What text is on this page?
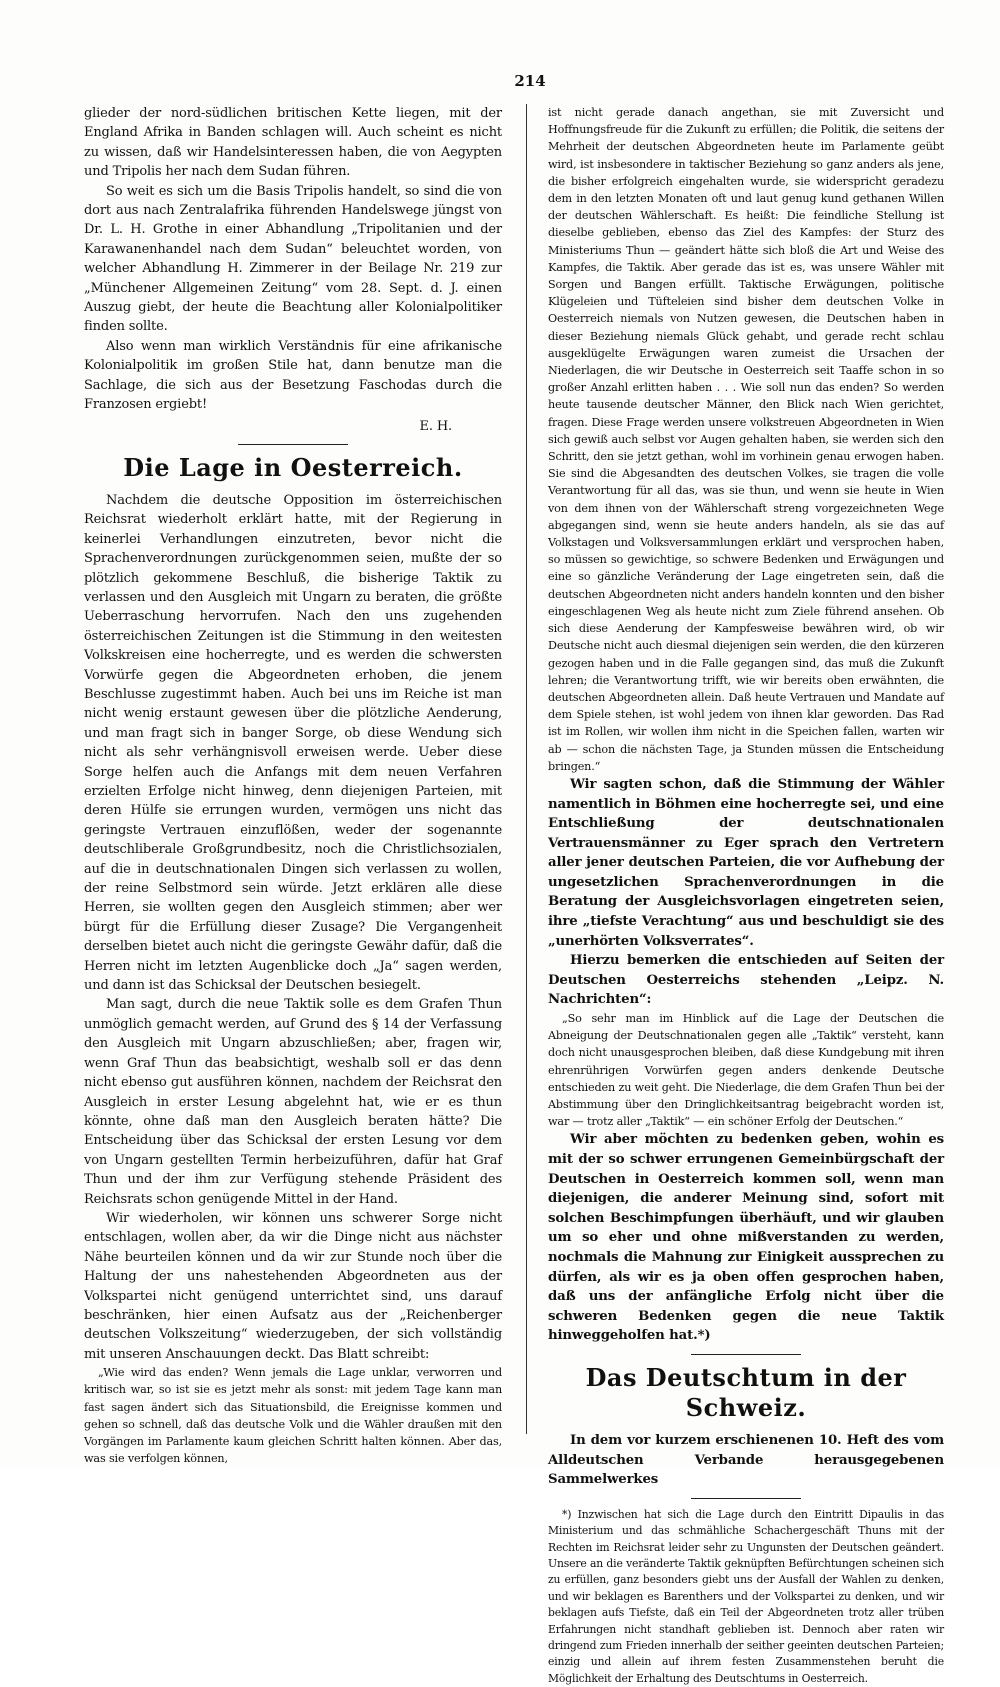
214

glieder der nord-südlichen britischen Kette liegen, mit der England Afrika in Banden schlagen will. Auch scheint es nicht zu wissen, daß wir Handelsinteressen haben, die von Aegypten und Tripolis her nach dem Sudan führen.

So weit es sich um die Basis Tripolis handelt, so sind die von dort aus nach Zentralafrika führenden Handelswege jüngst von Dr. L. H. Grothe in einer Abhandlung „Tripolitanien und der Karawanenhandel nach dem Sudan“ beleuchtet worden, von welcher Abhandlung H. Zimmerer in der Beilage Nr. 219 zur „Münchener Allgemeinen Zeitung“ vom 28. Sept. d. J. einen Auszug giebt, der heute die Beachtung aller Kolonialpolitiker finden sollte.

Also wenn man wirklich Verständnis für eine afrikanische Kolonialpolitik im großen Stile hat, dann benutze man die Sachlage, die sich aus der Besetzung Faschodas durch die Franzosen ergiebt!

E. H.
Die Lage in Oesterreich.

Nachdem die deutsche Opposition im österreichischen Reichsrat wiederholt erklärt hatte, mit der Regierung in keinerlei Verhandlungen einzutreten, bevor nicht die Sprachenverordnungen zurückgenommen seien, mußte der so plötzlich gekommene Beschluß, die bisherige Taktik zu verlassen und den Ausgleich mit Ungarn zu beraten, die größte Ueberraschung hervorrufen. Nach den uns zugehenden österreichischen Zeitungen ist die Stimmung in den weitesten Volkskreisen eine hocherregte, und es werden die schwersten Vorwürfe gegen die Abgeordneten erhoben, die jenem Beschlusse zugestimmt haben. Auch bei uns im Reiche ist man nicht wenig erstaunt gewesen über die plötzliche Aenderung, und man fragt sich in banger Sorge, ob diese Wendung sich nicht als sehr verhängnisvoll erweisen werde. Ueber diese Sorge helfen auch die Anfangs mit dem neuen Verfahren erzielten Erfolge nicht hinweg, denn diejenigen Parteien, mit deren Hülfe sie errungen wurden, vermögen uns nicht das geringste Vertrauen einzuflößen, weder der sogenannte deutschliberale Großgrundbesitz, noch die Christlichsozialen, auf die in deutschnationalen Dingen sich verlassen zu wollen, der reine Selbstmord sein würde. Jetzt erklären alle diese Herren, sie wollten gegen den Ausgleich stimmen; aber wer bürgt für die Erfüllung dieser Zusage? Die Vergangenheit derselben bietet auch nicht die geringste Gewähr dafür, daß die Herren nicht im letzten Augenblicke doch „Ja“ sagen werden, und dann ist das Schicksal der Deutschen besiegelt.

Man sagt, durch die neue Taktik solle es dem Grafen Thun unmöglich gemacht werden, auf Grund des § 14 der Verfassung den Ausgleich mit Ungarn abzuschließen; aber, fragen wir, wenn Graf Thun das beabsichtigt, weshalb soll er das denn nicht ebenso gut ausführen können, nachdem der Reichsrat den Ausgleich in erster Lesung abgelehnt hat, wie er es thun könnte, ohne daß man den Ausgleich beraten hätte? Die Entscheidung über das Schicksal der ersten Lesung vor dem von Ungarn gestellten Termin herbeizuführen, dafür hat Graf Thun und der ihm zur Verfügung stehende Präsident des Reichsrats schon genügende Mittel in der Hand.

Wir wiederholen, wir können uns schwerer Sorge nicht entschlagen, wollen aber, da wir die Dinge nicht aus nächster Nähe beurteilen können und da wir zur Stunde noch über die Haltung der uns nahestehenden Abgeordneten aus der Volkspartei nicht genügend unterrichtet sind, uns darauf beschränken, hier einen Aufsatz aus der „Reichenberger deutschen Volkszeitung“ wiederzugeben, der sich vollständig mit unseren Anschauungen deckt. Das Blatt schreibt:

„Wie wird das enden? Wenn jemals die Lage unklar, verworren und kritisch war, so ist sie es jetzt mehr als sonst: mit jedem Tage kann man fast sagen ändert sich das Situationsbild, die Ereignisse kommen und gehen so schnell, daß das deutsche Volk und die Wähler draußen mit den Vorgängen im Parlamente kaum gleichen Schritt halten können. Aber das, was sie verfolgen können,

ist nicht gerade danach angethan, sie mit Zuversicht und Hoffnungsfreude für die Zukunft zu erfüllen; die Politik, die seitens der Mehrheit der deutschen Abgeordneten heute im Parlamente geübt wird, ist insbesondere in taktischer Beziehung so ganz anders als jene, die bisher erfolgreich eingehalten wurde, sie widerspricht geradezu dem in den letzten Monaten oft und laut genug kund gethanen Willen der deutschen Wählerschaft. Es heißt: Die feindliche Stellung ist dieselbe geblieben, ebenso das Ziel des Kampfes: der Sturz des Ministeriums Thun — geändert hätte sich bloß die Art und Weise des Kampfes, die Taktik. Aber gerade das ist es, was unsere Wähler mit Sorgen und Bangen erfüllt. Taktische Erwägungen, politische Klügeleien und Tüfteleien sind bisher dem deutschen Volke in Oesterreich niemals von Nutzen gewesen, die Deutschen haben in dieser Beziehung niemals Glück gehabt, und gerade recht schlau ausgeklügelte Erwägungen waren zumeist die Ursachen der Niederlagen, die wir Deutsche in Oesterreich seit Taaffe schon in so großer Anzahl erlitten haben . . . Wie soll nun das enden? So werden heute tausende deutscher Männer, den Blick nach Wien gerichtet, fragen. Diese Frage werden unsere volkstreuen Abgeordneten in Wien sich gewiß auch selbst vor Augen gehalten haben, sie werden sich den Schritt, den sie jetzt gethan, wohl im vorhinein genau erwogen haben. Sie sind die Abgesandten des deutschen Volkes, sie tragen die volle Verantwortung für all das, was sie thun, und wenn sie heute in Wien von dem ihnen von der Wählerschaft streng vorgezeichneten Wege abgegangen sind, wenn sie heute anders handeln, als sie das auf Volkstagen und Volksversammlungen erklärt und versprochen haben, so müssen so gewichtige, so schwere Bedenken und Erwägungen und eine so gänzliche Veränderung der Lage eingetreten sein, daß die deutschen Abgeordneten nicht anders handeln konnten und den bisher eingeschlagenen Weg als heute nicht zum Ziele führend ansehen. Ob sich diese Aenderung der Kampfesweise bewähren wird, ob wir Deutsche nicht auch diesmal diejenigen sein werden, die den kürzeren gezogen haben und in die Falle gegangen sind, das muß die Zukunft lehren; die Verantwortung trifft, wie wir bereits oben erwähnten, die deutschen Abgeordneten allein. Daß heute Vertrauen und Mandate auf dem Spiele stehen, ist wohl jedem von ihnen klar geworden. Das Rad ist im Rollen, wir wollen ihm nicht in die Speichen fallen, warten wir ab — schon die nächsten Tage, ja Stunden müssen die Entscheidung bringen.“

Wir sagten schon, daß die Stimmung der Wähler namentlich in Böhmen eine hocherregte sei, und eine Entschließung der deutschnationalen Vertrauensmänner zu Eger sprach den Vertretern aller jener deutschen Parteien, die vor Aufhebung der ungesetzlichen Sprachenverordnungen in die Beratung der Ausgleichsvorlagen eingetreten seien, ihre „tiefste Verachtung“ aus und beschuldigt sie des „unerhörten Volksverrates“.

Hierzu bemerken die entschieden auf Seiten der Deutschen Oesterreichs stehenden „Leipz. N. Nachrichten“:

„So sehr man im Hinblick auf die Lage der Deutschen die Abneigung der Deutschnationalen gegen alle „Taktik“ versteht, kann doch nicht unausgesprochen bleiben, daß diese Kundgebung mit ihren ehrenrührigen Vorwürfen gegen anders denkende Deutsche entschieden zu weit geht. Die Niederlage, die dem Grafen Thun bei der Abstimmung über den Dringlichkeitsantrag beigebracht worden ist, war — trotz aller „Taktik“ — ein schöner Erfolg der Deutschen.“

Wir aber möchten zu bedenken geben, wohin es mit der so schwer errungenen Gemeinbürgschaft der Deutschen in Oesterreich kommen soll, wenn man diejenigen, die anderer Meinung sind, sofort mit solchen Beschimpfungen überhäuft, und wir glauben um so eher und ohne mißverstanden zu werden, nochmals die Mahnung zur Einigkeit aussprechen zu dürfen, als wir es ja oben offen gesprochen haben, daß uns der anfängliche Erfolg nicht über die schweren Bedenken gegen die neue Taktik hinweggeholfen hat.*)

Das Deutschtum in der Schweiz.

In dem vor kurzem erschienenen 10. Heft des vom Alldeutschen Verbande herausgegebenen Sammelwerkes

*) Inzwischen hat sich die Lage durch den Eintritt Dipaulis in das Ministerium und das schmähliche Schachergeschäft Thuns mit der Rechten im Reichsrat leider sehr zu Ungunsten der Deutschen geändert. Unsere an die veränderte Taktik geknüpften Befürchtungen scheinen sich zu erfüllen, ganz besonders giebt uns der Ausfall der Wahlen zu denken, und wir beklagen es Barenthers und der Volkspartei zu denken, und wir beklagen aufs Tiefste, daß ein Teil der Abgeordneten trotz aller trüben Erfahrungen nicht standhaft geblieben ist. Dennoch aber raten wir dringend zum Frieden innerhalb der seither geeinten deutschen Parteien; einzig und allein auf ihrem festen Zusammenstehen beruht die Möglichkeit der Erhaltung des Deutschtums in Oesterreich.
